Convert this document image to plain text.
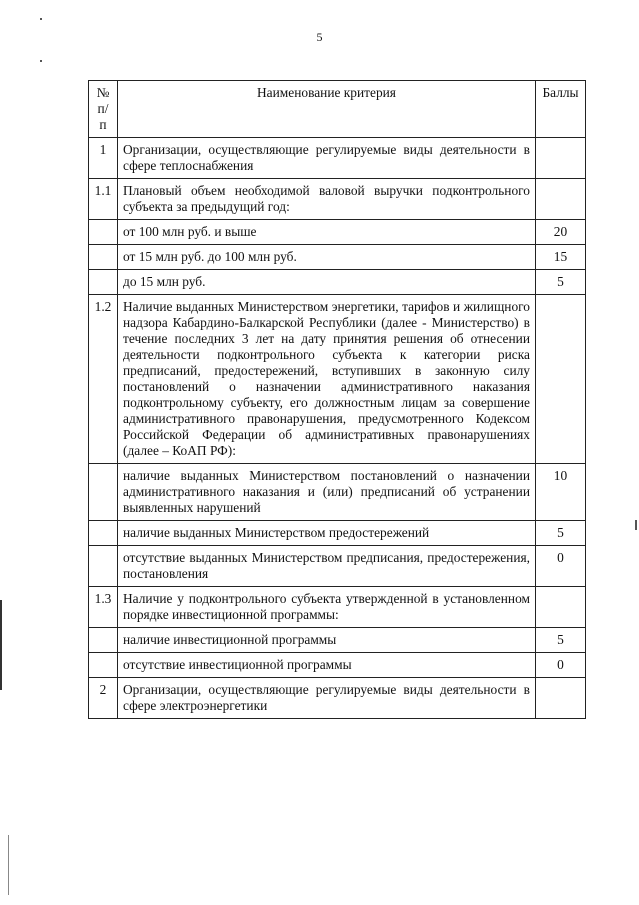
5
№ п/п	Наименование критерия	Баллы
1	Организации, осуществляющие регулируемые виды деятельности в сфере теплоснабжения	
1.1	Плановый объем необходимой валовой выручки подконтрольного субъекта за предыдущий год:	
	от 100 млн руб. и выше	20
	от 15 млн руб. до 100 млн руб.	15
	до 15 млн руб.	5
1.2	Наличие выданных Министерством энергетики, тарифов и жилищного надзора Кабардино-Балкарской Республики (далее - Министерство) в течение последних 3 лет на дату принятия решения об отнесении деятельности подконтрольного субъекта к категории риска предписаний, предостережений, вступивших в законную силу постановлений о назначении административного наказания подконтрольному субъекту, его должностным лицам за совершение административного правонарушения, предусмотренного Кодексом Российской Федерации об административных правонарушениях (далее – КоАП РФ):	
	наличие выданных Министерством постановлений о назначении административного наказания и (или) предписаний об устранении выявленных нарушений	10
	наличие выданных Министерством предостережений	5
	отсутствие выданных Министерством предписания, предостережения, постановления	0
1.3	Наличие у подконтрольного субъекта утвержденной в установленном порядке инвестиционной программы:	
	наличие инвестиционной программы	5
	отсутствие инвестиционной программы	0
2	Организации, осуществляющие регулируемые виды деятельности в сфере электроэнергетики	
